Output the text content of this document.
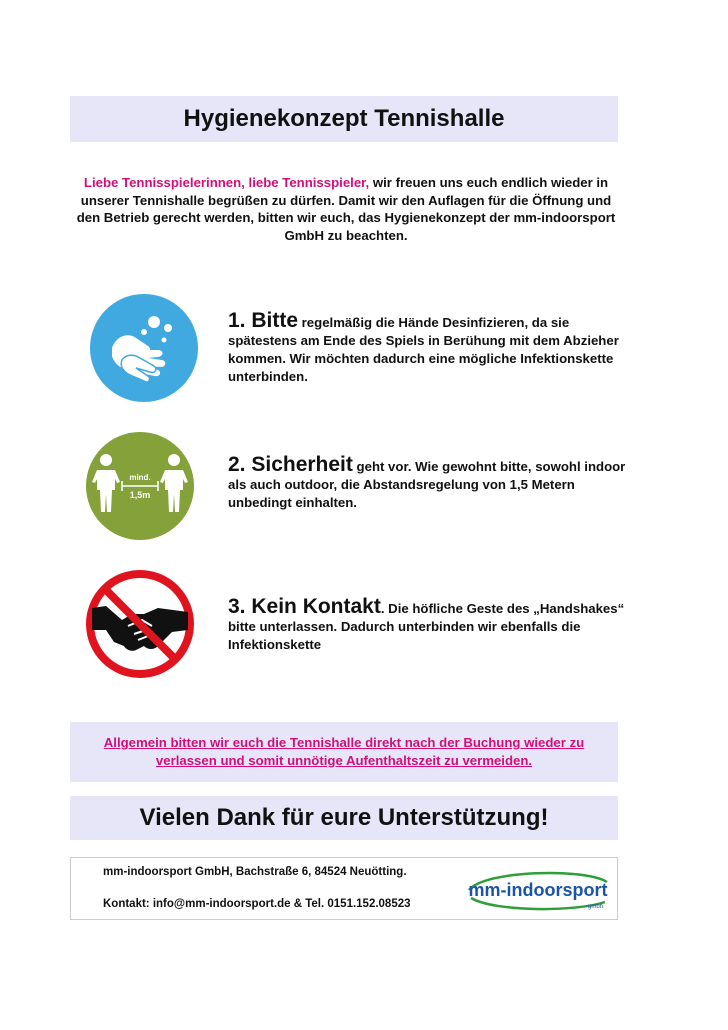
Hygienekonzept Tennishalle
Liebe Tennisspielerinnen, liebe Tennisspieler, wir freuen uns euch endlich wieder in unserer Tennishalle begrüßen zu dürfen. Damit wir den Auflagen für die Öffnung und den Betrieb gerecht werden, bitten wir euch, das Hygienekonzept der mm-indoorsport GmbH zu beachten.
1. Bitte regelmäßig die Hände Desinfizieren, da sie spätestens am Ende des Spiels in Berühung mit dem Abzieher kommen. Wir möchten dadurch eine mögliche Infektionskette unterbinden.
mind.
1,5m
2. Sicherheit geht vor. Wie gewohnt bitte, sowohl indoor als auch outdoor, die Abstandsregelung von 1,5 Metern unbedingt einhalten.
3. Kein Kontakt. Die höfliche Geste des „Handshakes“ bitte unterlassen. Dadurch unterbinden wir ebenfalls die Infektionskette

Allgemein bitten wir euch die Tennishalle direkt nach der Buchung wieder zu verlassen und somit unnötige Aufenthaltszeit zu vermeiden.

Vielen Dank für eure Unterstützung!
mm-indoorsport GmbH, Bachstraße 6, 84524 Neuötting.
Kontakt: info@mm-indoorsport.de & Tel. 0151.152.08523
mm-indoorsport
gmbh
